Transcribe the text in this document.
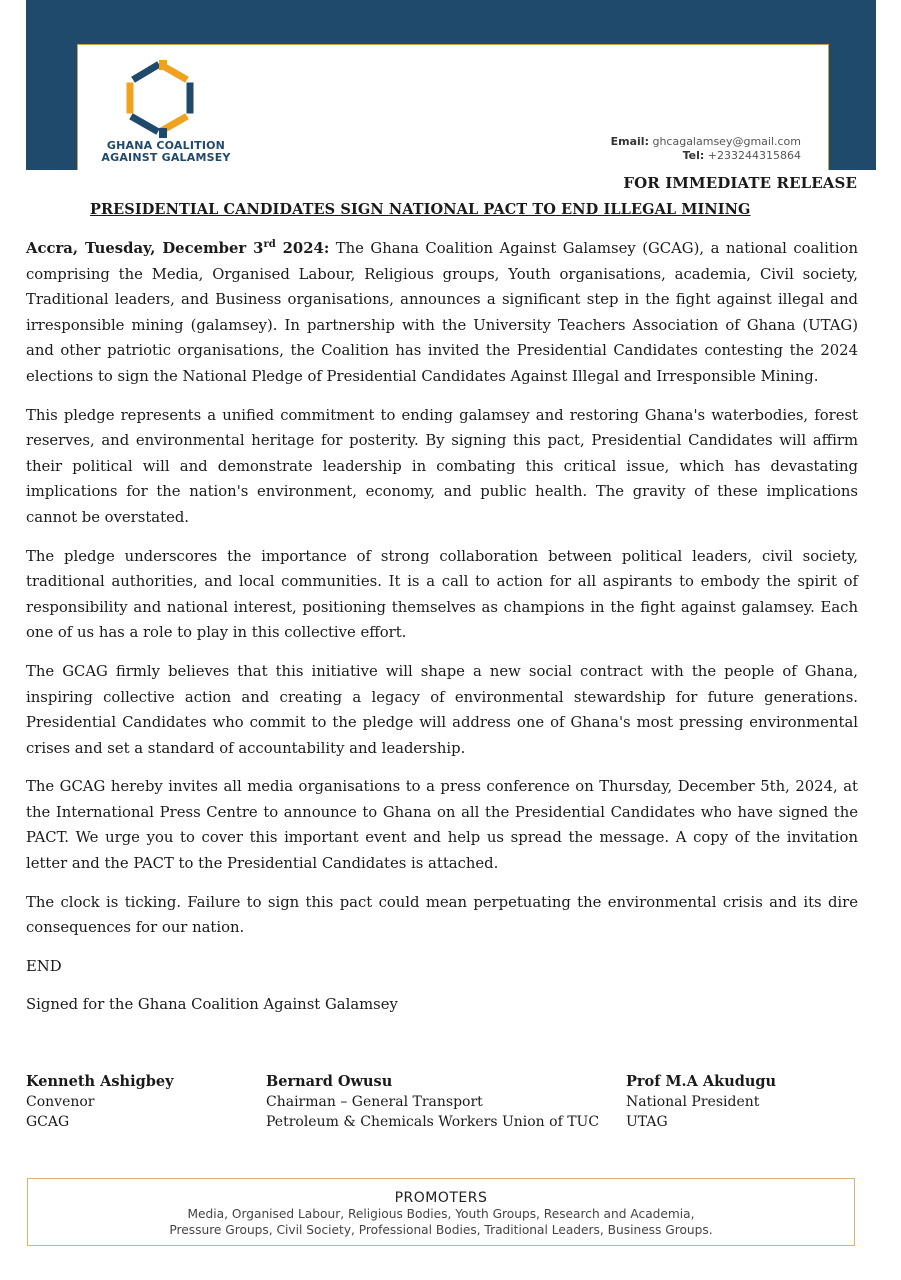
GHANA COALITION
AGAINST GALAMSEY
Email: ghcagalamsey@gmail.com
Tel: +233244315864
FOR IMMEDIATE RELEASE
PRESIDENTIAL CANDIDATES SIGN NATIONAL PACT TO END ILLEGAL MINING

Accra, Tuesday, December 3rd 2024: The Ghana Coalition Against Galamsey (GCAG), a national coalition comprising the Media, Organised Labour, Religious groups, Youth organisations, academia, Civil society, Traditional leaders, and Business organisations, announces a significant step in the fight against illegal and irresponsible mining (galamsey). In partnership with the University Teachers Association of Ghana (UTAG) and other patriotic organisations, the Coalition has invited the Presidential Candidates contesting the 2024 elections to sign the National Pledge of Presidential Candidates Against Illegal and Irresponsible Mining.

This pledge represents a unified commitment to ending galamsey and restoring Ghana's waterbodies, forest reserves, and environmental heritage for posterity. By signing this pact, Presidential Candidates will affirm their political will and demonstrate leadership in combating this critical issue, which has devastating implications for the nation's environment, economy, and public health. The gravity of these implications cannot be overstated.

The pledge underscores the importance of strong collaboration between political leaders, civil society, traditional authorities, and local communities. It is a call to action for all aspirants to embody the spirit of responsibility and national interest, positioning themselves as champions in the fight against galamsey. Each one of us has a role to play in this collective effort.

The GCAG firmly believes that this initiative will shape a new social contract with the people of Ghana, inspiring collective action and creating a legacy of environmental stewardship for future generations. Presidential Candidates who commit to the pledge will address one of Ghana's most pressing environmental crises and set a standard of accountability and leadership.

The GCAG hereby invites all media organisations to a press conference on Thursday, December 5th, 2024, at the International Press Centre to announce to Ghana on all the Presidential Candidates who have signed the PACT. We urge you to cover this important event and help us spread the message. A copy of the invitation letter and the PACT to the Presidential Candidates is attached.

The clock is ticking. Failure to sign this pact could mean perpetuating the environmental crisis and its dire consequences for our nation.

END

Signed for the Ghana Coalition Against Galamsey

Kenneth Ashigbey
Convenor
GCAG
Bernard Owusu
Chairman – General Transport
Petroleum & Chemicals Workers Union of TUC
Prof M.A Akudugu
National President
UTAG
PROMOTERS
Media, Organised Labour, Religious Bodies, Youth Groups, Research and Academia,
Pressure Groups, Civil Society, Professional Bodies, Traditional Leaders, Business Groups.
